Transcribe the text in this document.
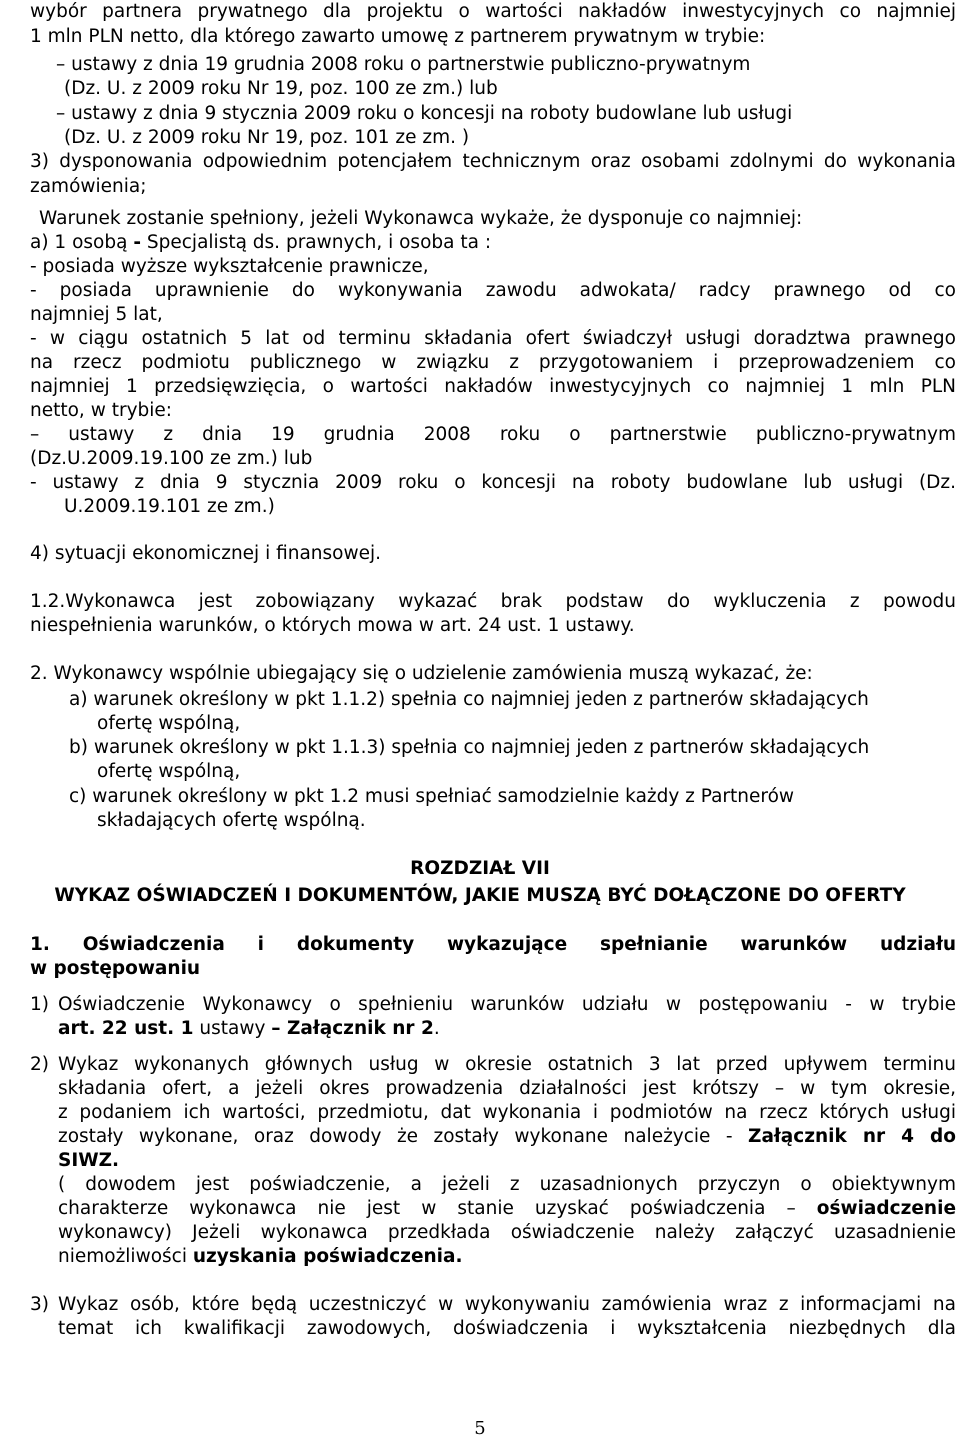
wybór partnera prywatnego dla projektu o wartości nakładów inwestycyjnych co najmniej
1 mln PLN netto, dla którego zawarto umowę z partnerem prywatnym w trybie:
– ustawy z dnia 19 grudnia 2008 roku o partnerstwie publiczno-prywatnym
(Dz. U. z 2009 roku Nr 19, poz. 100 ze zm.) lub
– ustawy z dnia 9 stycznia 2009 roku o koncesji na roboty budowlane lub usługi
(Dz. U. z 2009 roku Nr 19, poz. 101 ze zm. )
3) dysponowania odpowiednim potencjałem technicznym oraz osobami zdolnymi do wykonania
zamówienia;
Warunek zostanie spełniony, jeżeli Wykonawca wykaże, że dysponuje co najmniej:
a) 1 osobą - Specjalistą ds. prawnych, i osoba ta :
- posiada wyższe wykształcenie prawnicze,
- posiada uprawnienie do wykonywania zawodu adwokata/ radcy prawnego od co
najmniej 5 lat,
- w ciągu ostatnich 5 lat od terminu składania ofert świadczył usługi doradztwa prawnego
na rzecz podmiotu publicznego w związku z przygotowaniem i przeprowadzeniem co
najmniej 1 przedsięwzięcia, o wartości nakładów inwestycyjnych co najmniej 1 mln PLN
netto, w trybie:
– ustawy z dnia 19 grudnia 2008 roku o partnerstwie publiczno-prywatnym
(Dz.U.2009.19.100 ze zm.) lub
- ustawy z dnia 9 stycznia 2009 roku o koncesji na roboty budowlane lub usługi (Dz.
U.2009.19.101 ze zm.)
4) sytuacji ekonomicznej i finansowej.
1.2.Wykonawca jest zobowiązany wykazać brak podstaw do wykluczenia z powodu
niespełnienia warunków, o których mowa w art. 24 ust. 1 ustawy.
2. Wykonawcy wspólnie ubiegający się o udzielenie zamówienia muszą wykazać, że:
a) warunek określony w pkt 1.1.2) spełnia co najmniej jeden z partnerów składających
ofertę wspólną,
b) warunek określony w pkt 1.1.3) spełnia co najmniej jeden z partnerów składających
ofertę wspólną,
c) warunek określony w pkt 1.2 musi spełniać samodzielnie każdy z Partnerów
składających ofertę wspólną.
ROZDZIAŁ VII
WYKAZ OŚWIADCZEŃ I DOKUMENTÓW, JAKIE MUSZĄ BYĆ DOŁĄCZONE DO OFERTY
1. Oświadczenia i dokumenty wykazujące spełnianie warunków udziału
w postępowaniu
1) Oświadczenie Wykonawcy o spełnieniu warunków udziału w postępowaniu - w trybie
art. 22 ust. 1 ustawy – Załącznik nr 2.
2) Wykaz wykonanych głównych usług w okresie ostatnich 3 lat przed upływem terminu
składania ofert, a jeżeli okres prowadzenia działalności jest krótszy – w tym okresie,
z podaniem ich wartości, przedmiotu, dat wykonania i podmiotów na rzecz których usługi
zostały wykonane, oraz dowody że zostały wykonane należycie - Załącznik nr 4 do
SIWZ.
( dowodem jest poświadczenie, a jeżeli z uzasadnionych przyczyn o obiektywnym
charakterze wykonawca nie jest w stanie uzyskać poświadczenia – oświadczenie
wykonawcy) Jeżeli wykonawca przedkłada oświadczenie należy załączyć uzasadnienie
niemożliwości uzyskania poświadczenia.
3) Wykaz osób, które będą uczestniczyć w wykonywaniu zamówienia wraz z informacjami na
temat ich kwalifikacji zawodowych, doświadczenia i wykształcenia niezbędnych dla
5
